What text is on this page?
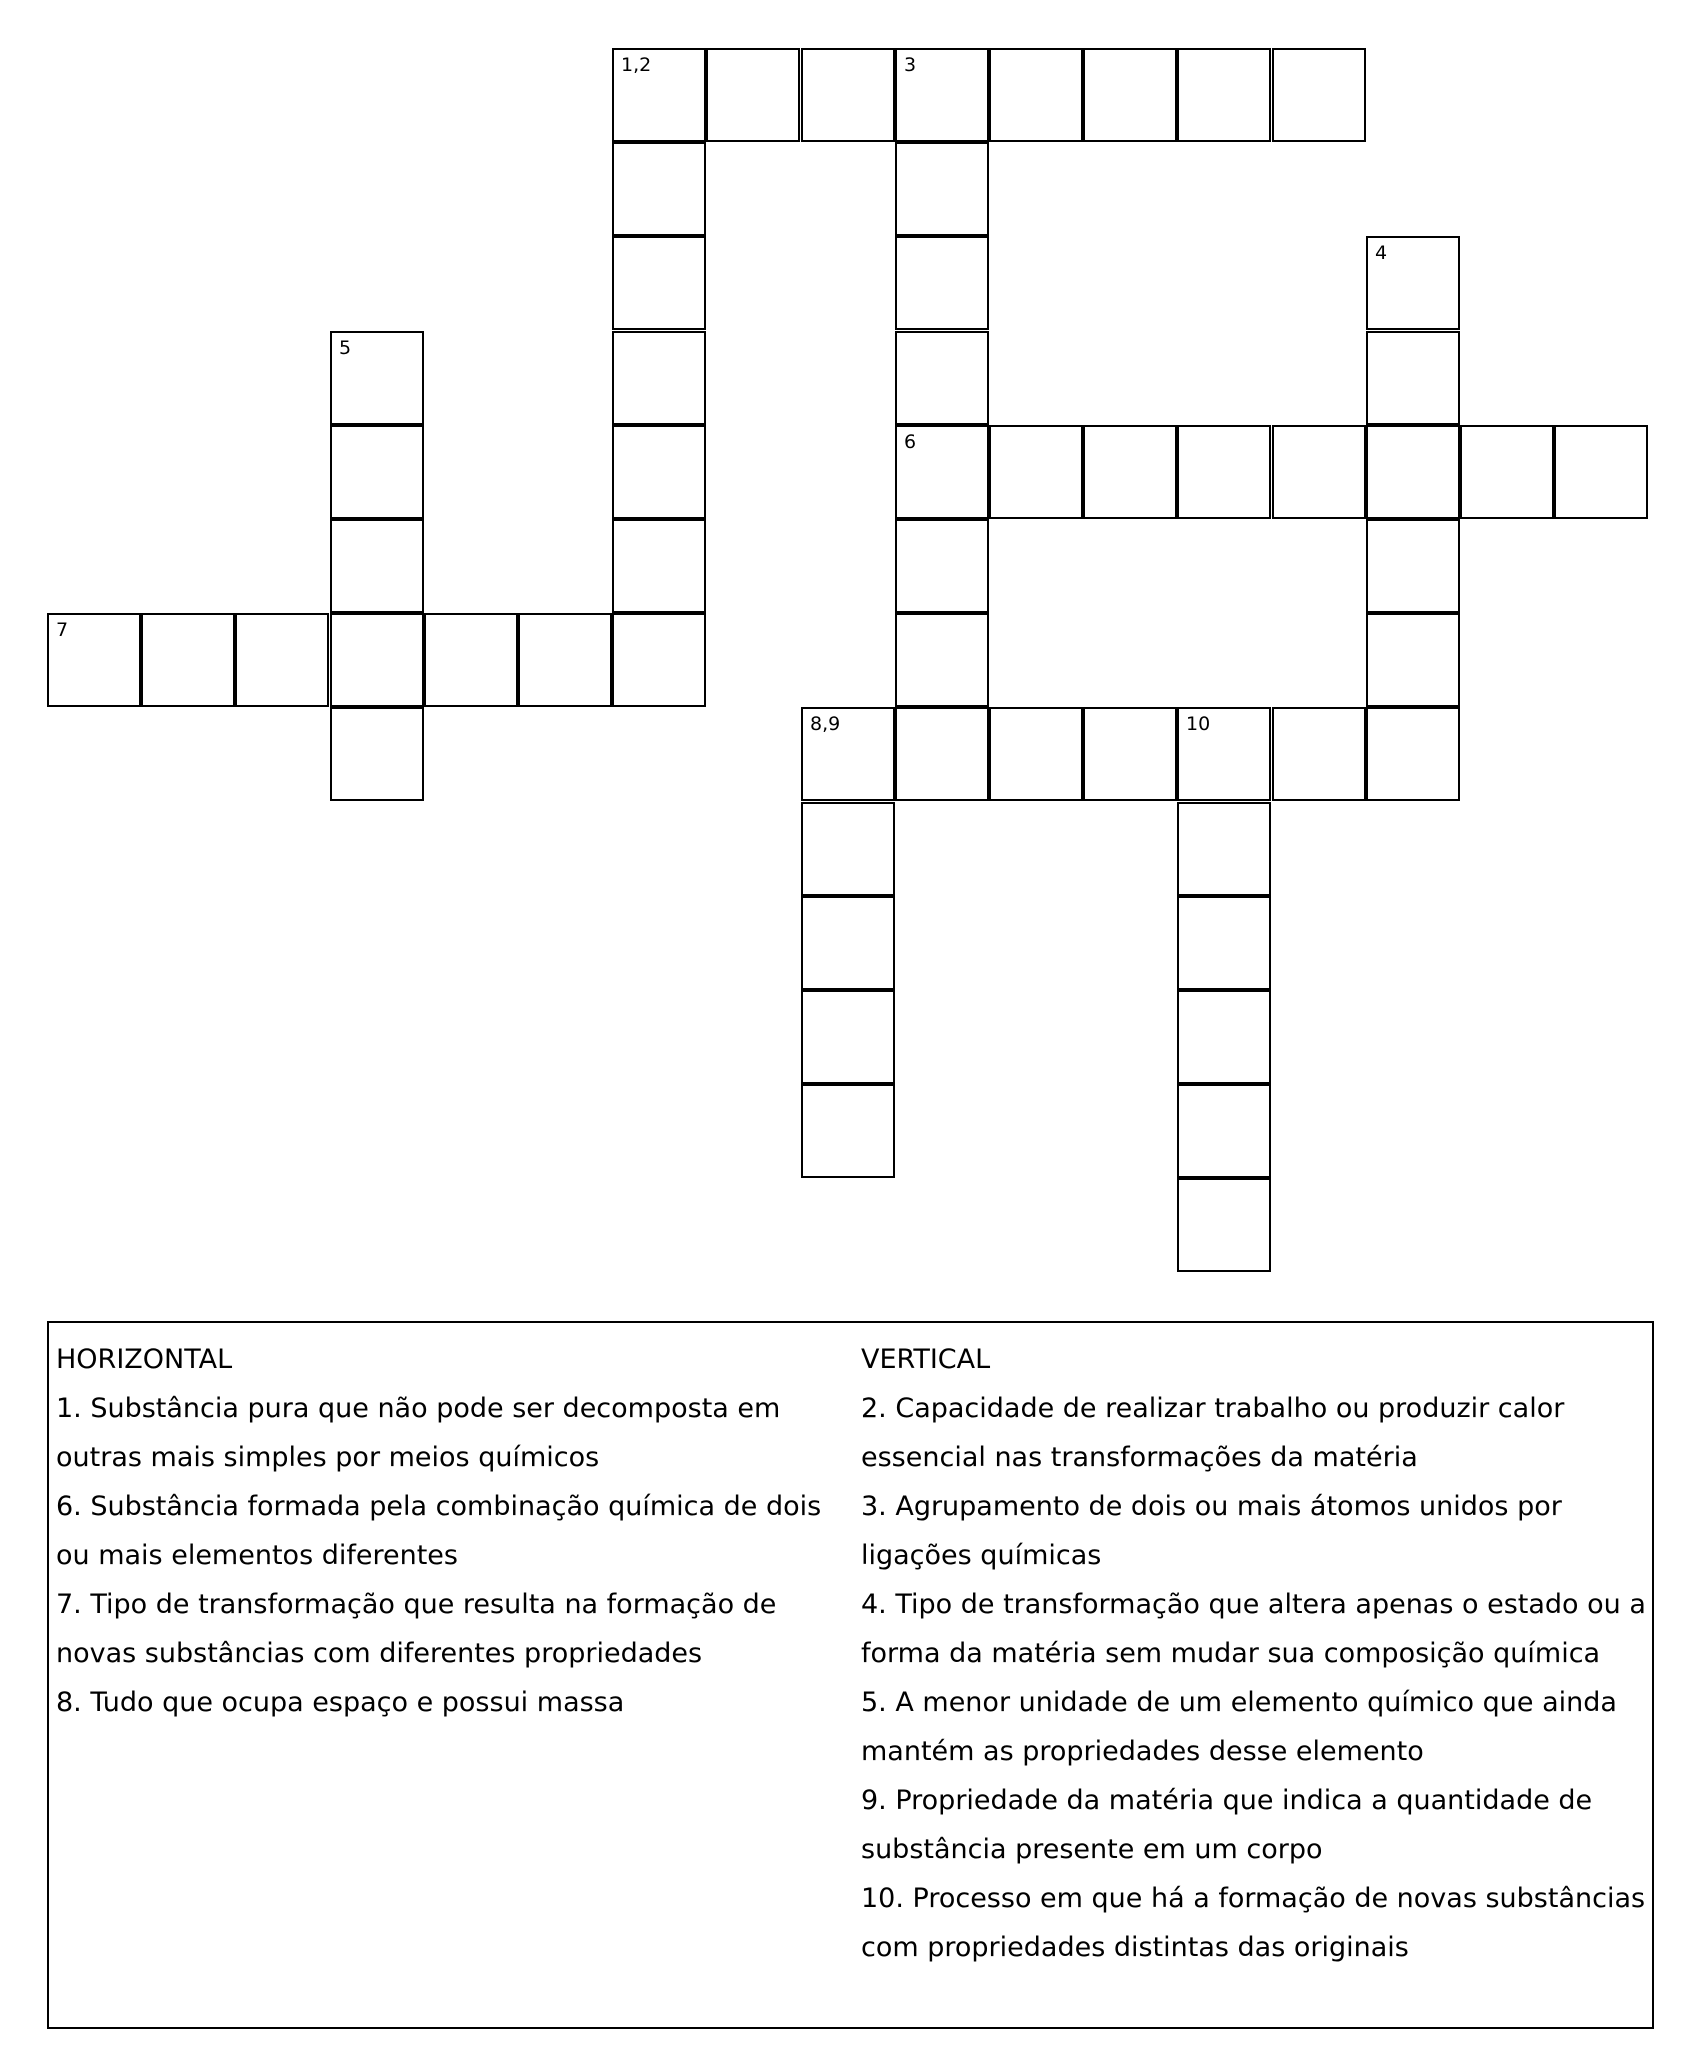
1,2	3
4
5
6
7
8,9	10

HORIZONTAL

1. Substância pura que não pode ser decomposta em outras mais simples por meios químicos

6. Substância formada pela combinação química de dois ou mais elementos diferentes

7. Tipo de transformação que resulta na formação de novas substâncias com diferentes propriedades

8. Tudo que ocupa espaço e possui massa

VERTICAL

2. Capacidade de realizar trabalho ou produzir calor essencial nas transformações da matéria

3. Agrupamento de dois ou mais átomos unidos por ligações químicas

4. Tipo de transformação que altera apenas o estado ou a forma da matéria sem mudar sua composição química

5. A menor unidade de um elemento químico que ainda mantém as propriedades desse elemento

9. Propriedade da matéria que indica a quantidade de substância presente em um corpo

10. Processo em que há a formação de novas substâncias com propriedades distintas das originais
